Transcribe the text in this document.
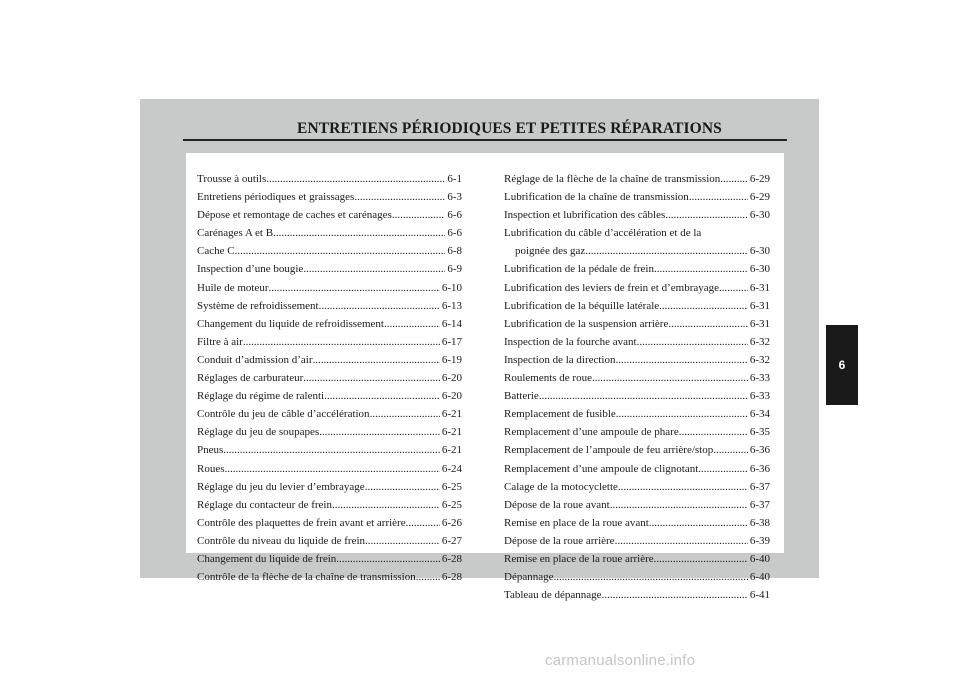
ENTRETIENS PÉRIODIQUES ET PETITES RÉPARATIONS
Trousse à outils .....	6-1
Entretiens périodiques et graissages .....	6-3
Dépose et remontage de caches et carénages .....	6-6
Carénages A et B .....	6-6
Cache C .....	6-8
Inspection d’une bougie .....	6-9
Huile de moteur .....	6-10
Système de refroidissement .....	6-13
Changement du liquide de refroidissement .....	6-14
Filtre à air .....	6-17
Conduit d’admission d’air .....	6-19
Réglages de carburateur .....	6-20
Réglage du régime de ralenti .....	6-20
Contrôle du jeu de câble d’accélération .....	6-21
Réglage du jeu de soupapes .....	6-21
Pneus .....	6-21
Roues .....	6-24
Réglage du jeu du levier d’embrayage .....	6-25
Réglage du contacteur de frein .....	6-25
Contrôle des plaquettes de frein avant et arrière .....	6-26
Contrôle du niveau du liquide de frein .....	6-27
Changement du liquide de frein .....	6-28
Contrôle de la flèche de la chaîne de transmission ..... 6-28
Réglage de la flèche de la chaîne de transmission .....	6-29
Lubrification de la chaîne de transmission .....	6-29
Inspection et lubrification des câbles .....	6-30
Lubrification du câble d’accélération et de la
poignée des gaz .....	6-30
Lubrification de la pédale de frein .....	6-30
Lubrification des leviers de frein et d’embrayage .....	6-31
Lubrification de la béquille latérale .....	6-31
Lubrification de la suspension arrière .....	6-31
Inspection de la fourche avant .....	6-32
Inspection de la direction .....	6-32
Roulements de roue .....	6-33
Batterie .....	6-33
Remplacement de fusible .....	6-34
Remplacement d’une ampoule de phare .....	6-35
Remplacement de l’ampoule de feu arrière/stop .....	6-36
Remplacement d’une ampoule de clignotant .....	6-36
Calage de la motocyclette .....	6-37
Dépose de la roue avant .....	6-37
Remise en place de la roue avant .....	6-38
Dépose de la roue arrière .....	6-39
Remise en place de la roue arrière .....	6-40
Dépannage .....	6-40
Tableau de dépannage .....	6-41
6
carmanualsonline.info
